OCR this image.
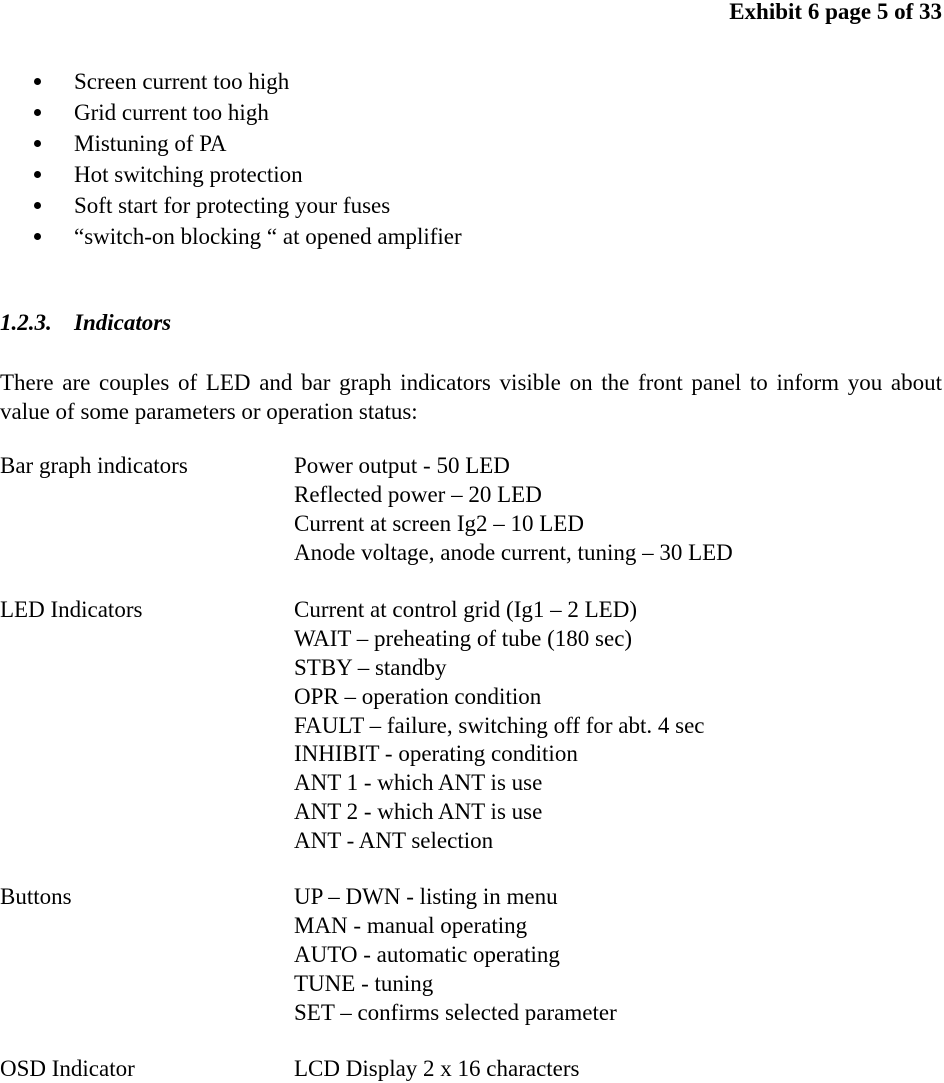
Exhibit 6 page 5 of 33
Screen current too high
Grid current too high
Mistuning of PA
Hot switching protection
Soft start for protecting your fuses
“switch-on blocking “ at opened amplifier
1.2.3. Indicators
There are couples of LED and bar graph indicators visible on the front panel to inform you about value of some parameters or operation status:
Bar graph indicators	Power output - 50 LED
Reflected power – 20 LED
Current at screen Ig2 – 10 LED
Anode voltage, anode current, tuning – 30 LED
LED Indicators	Current at control grid (Ig1 – 2 LED)
WAIT – preheating of tube (180 sec)
STBY – standby
OPR – operation condition
FAULT – failure, switching off for abt. 4 sec
INHIBIT - operating condition
ANT 1 - which ANT is use
ANT 2 - which ANT is use
ANT - ANT selection
Buttons	UP – DWN - listing in menu
MAN - manual operating
AUTO - automatic operating
TUNE - tuning
SET – confirms selected parameter
OSD Indicator	LCD Display 2 x 16 characters
